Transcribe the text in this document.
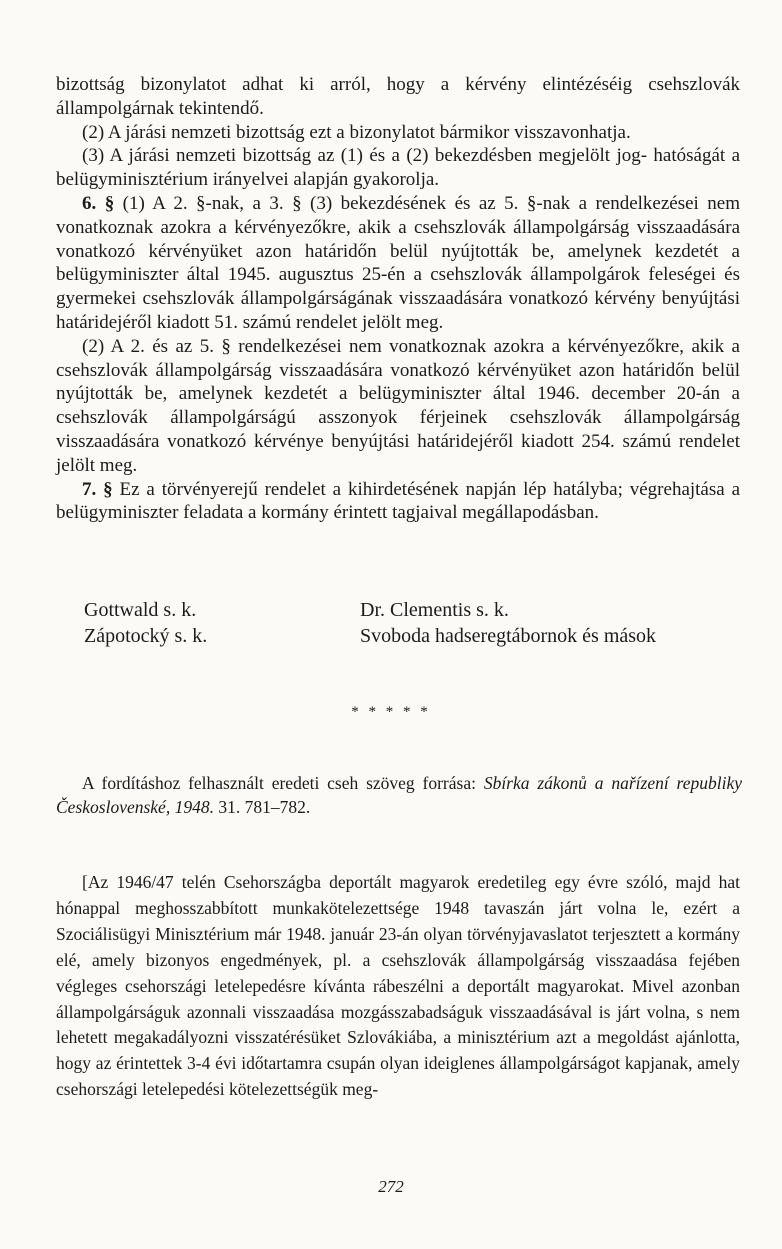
bizottság bizonylatot adhat ki arról, hogy a kérvény elintézéséig csehszlovák állampolgárnak tekintendő.

(2) A járási nemzeti bizottság ezt a bizonylatot bármikor visszavonhatja.

(3) A járási nemzeti bizottság az (1) és a (2) bekezdésben megjelölt jog- hatóságát a belügyminisztérium irányelvei alapján gyakorolja.

6. § (1) A 2. §-nak, a 3. § (3) bekezdésének és az 5. §-nak a rendelkezései nem vonatkoznak azokra a kérvényezőkre, akik a csehszlovák állampolgárság visszaadására vonatkozó kérvényüket azon határidőn belül nyújtották be, amelynek kezdetét a belügyminiszter által 1945. augusztus 25-én a csehszlovák állampolgárok feleségei és gyermekei csehszlovák állampolgárságának visszaadására vonatkozó kérvény benyújtási határidejéről kiadott 51. számú rendelet jelölt meg.

(2) A 2. és az 5. § rendelkezései nem vonatkoznak azokra a kérvényezőkre, akik a csehszlovák állampolgárság visszaadására vonatkozó kérvényüket azon határidőn belül nyújtották be, amelynek kezdetét a belügyminiszter által 1946. december 20-án a csehszlovák állampolgárságú asszonyok férjeinek csehszlovák állampolgárság visszaadására vonatkozó kérvénye benyújtási határidejéről kiadott 254. számú rendelet jelölt meg.

7. § Ez a törvényerejű rendelet a kihirdetésének napján lép hatályba; végrehajtása a belügyminiszter feladata a kormány érintett tagjaival megállapodásban.

Gottwald s. k.	Dr. Clementis s. k.
Zápotocký s. k.	Svoboda hadseregtábornok és mások
* * * * *

A fordításhoz felhasznált eredeti cseh szöveg forrása: Sbírka zákonů a nařízení republiky Československé, 1948. 31. 781–782.

[Az 1946/47 telén Csehországba deportált magyarok eredetileg egy évre szóló, majd hat hónappal meghosszabbított munkakötelezettsége 1948 tavaszán járt volna le, ezért a Szociálisügyi Minisztérium már 1948. január 23-án olyan törvényjavaslatot terjesztett a kormány elé, amely bizonyos engedmények, pl. a csehszlovák állampolgárság visszaadása fejében végleges csehországi letelepedésre kívánta rábeszélni a deportált magyarokat. Mivel azonban állampolgárságuk azonnali visszaadása mozgásszabadságuk visszaadásával is járt volna, s nem lehetett megakadályozni visszatérésüket Szlovákiába, a minisztérium azt a megoldást ajánlotta, hogy az érintettek 3-4 évi időtartamra csupán olyan ideiglenes állampolgárságot kapjanak, amely csehországi letelepedési kötelezettségük meg-

272
